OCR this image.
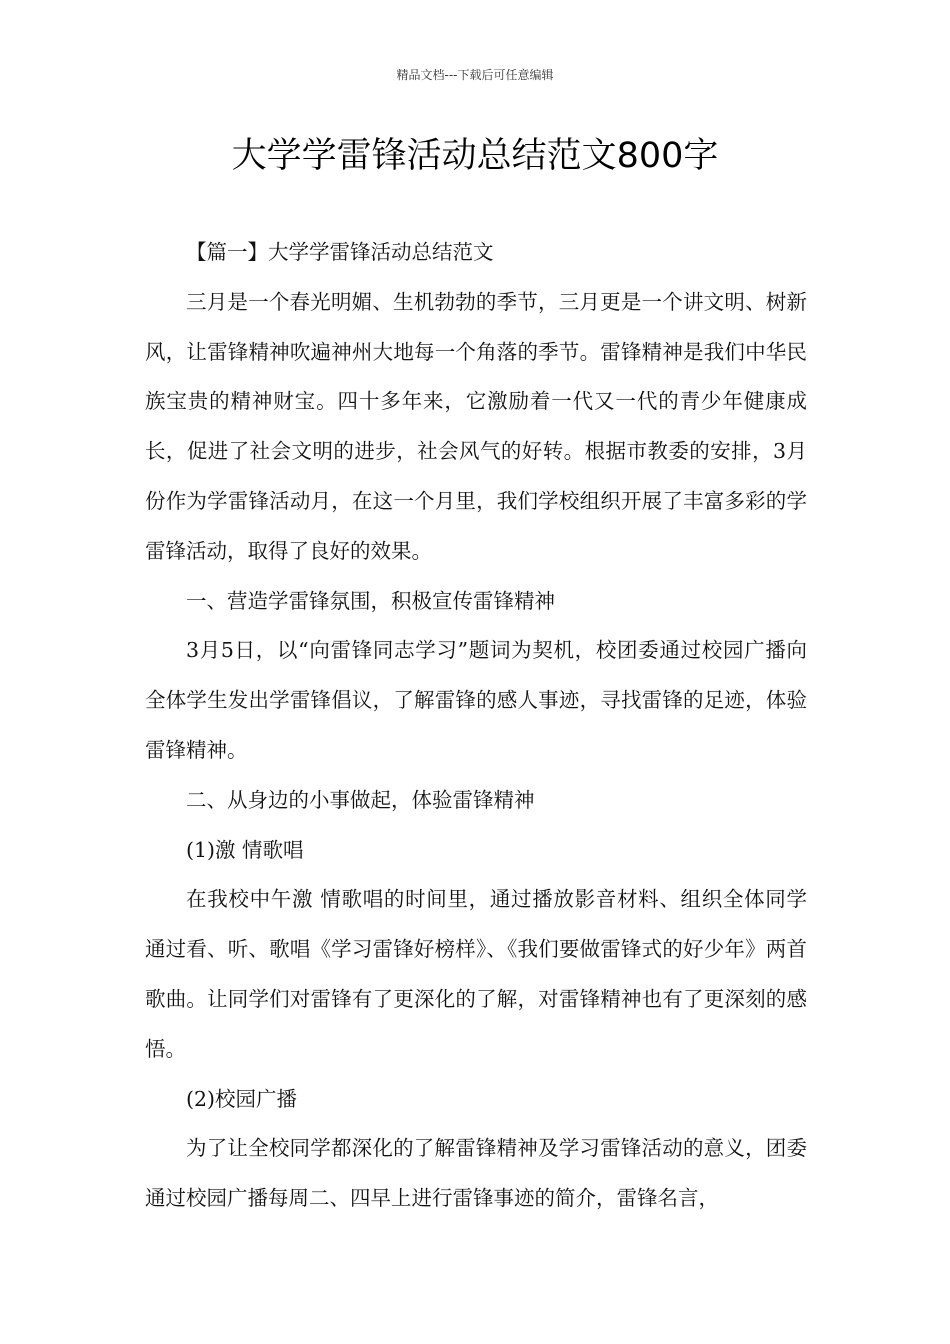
精品文档---下载后可任意编辑
大学学雷锋活动总结范文800字

【篇一】大学学雷锋活动总结范文

三月是一个春光明媚、生机勃勃的季节，三月更是一个讲文明、树新风，让雷锋精神吹遍神州大地每一个角落的季节。雷锋精神是我们中华民族宝贵的精神财宝。四十多年来，它激励着一代又一代的青少年健康成长，促进了社会文明的进步，社会风气的好转。根据市教委的安排，3月份作为学雷锋活动月，在这一个月里，我们学校组织开展了丰富多彩的学雷锋活动，取得了良好的效果。

一、营造学雷锋氛围，积极宣传雷锋精神

3月5日，以“向雷锋同志学习”题词为契机，校团委通过校园广播向全体学生发出学雷锋倡议，了解雷锋的感人事迹，寻找雷锋的足迹，体验雷锋精神。

二、从身边的小事做起，体验雷锋精神

(1)激 情歌唱

在我校中午激 情歌唱的时间里，通过播放影音材料、组织全体同学通过看、听、歌唱《学习雷锋好榜样》、《我们要做雷锋式的好少年》两首歌曲。让同学们对雷锋有了更深化的了解，对雷锋精神也有了更深刻的感悟。

(2)校园广播

为了让全校同学都深化的了解雷锋精神及学习雷锋活动的意义，团委通过校园广播每周二、四早上进行雷锋事迹的简介，雷锋名言，
